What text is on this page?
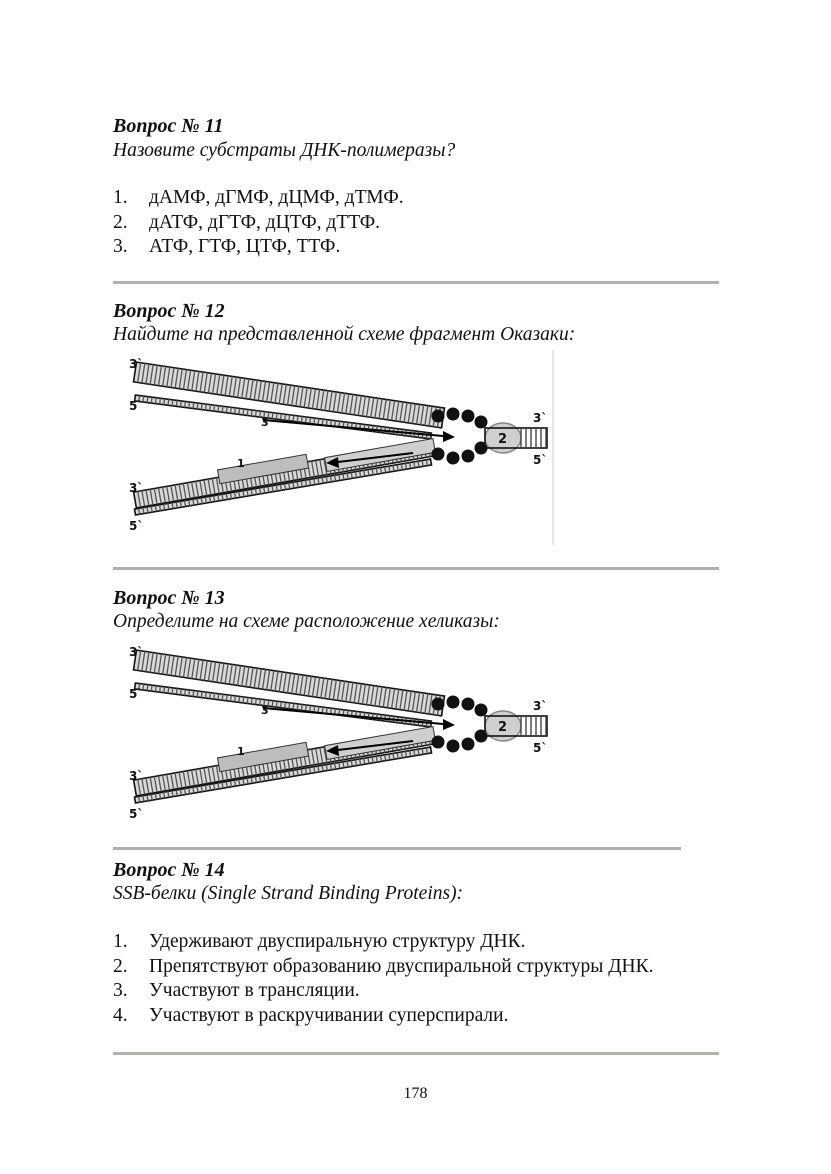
Вопрос № 11

Назовите субстраты ДНК-полимеразы?

1. дАМФ, дГМФ, дЦМФ, дТМФ.
2. дАТФ, дГТФ, дЦТФ, дТТФ.
3. АТФ, ГТФ, ЦТФ, ТТФ.

Вопрос № 12

Найдите на представленной схеме фрагмент Оказаки:

3`
5`
3`
5`
3`
5`
1
2
3

Вопрос № 13

Определите на схеме расположение хеликазы:

3`
5`
3`
5`
3`
5`
1
2
3

Вопрос № 14

SSB-белки (Single Strand Binding Proteins):

1. Удерживают двуспиральную структуру ДНК.
2. Препятствуют образованию двуспиральной структуры ДНК.
3. Участвуют в трансляции.
4. Участвуют в раскручивании суперспирали.
178
